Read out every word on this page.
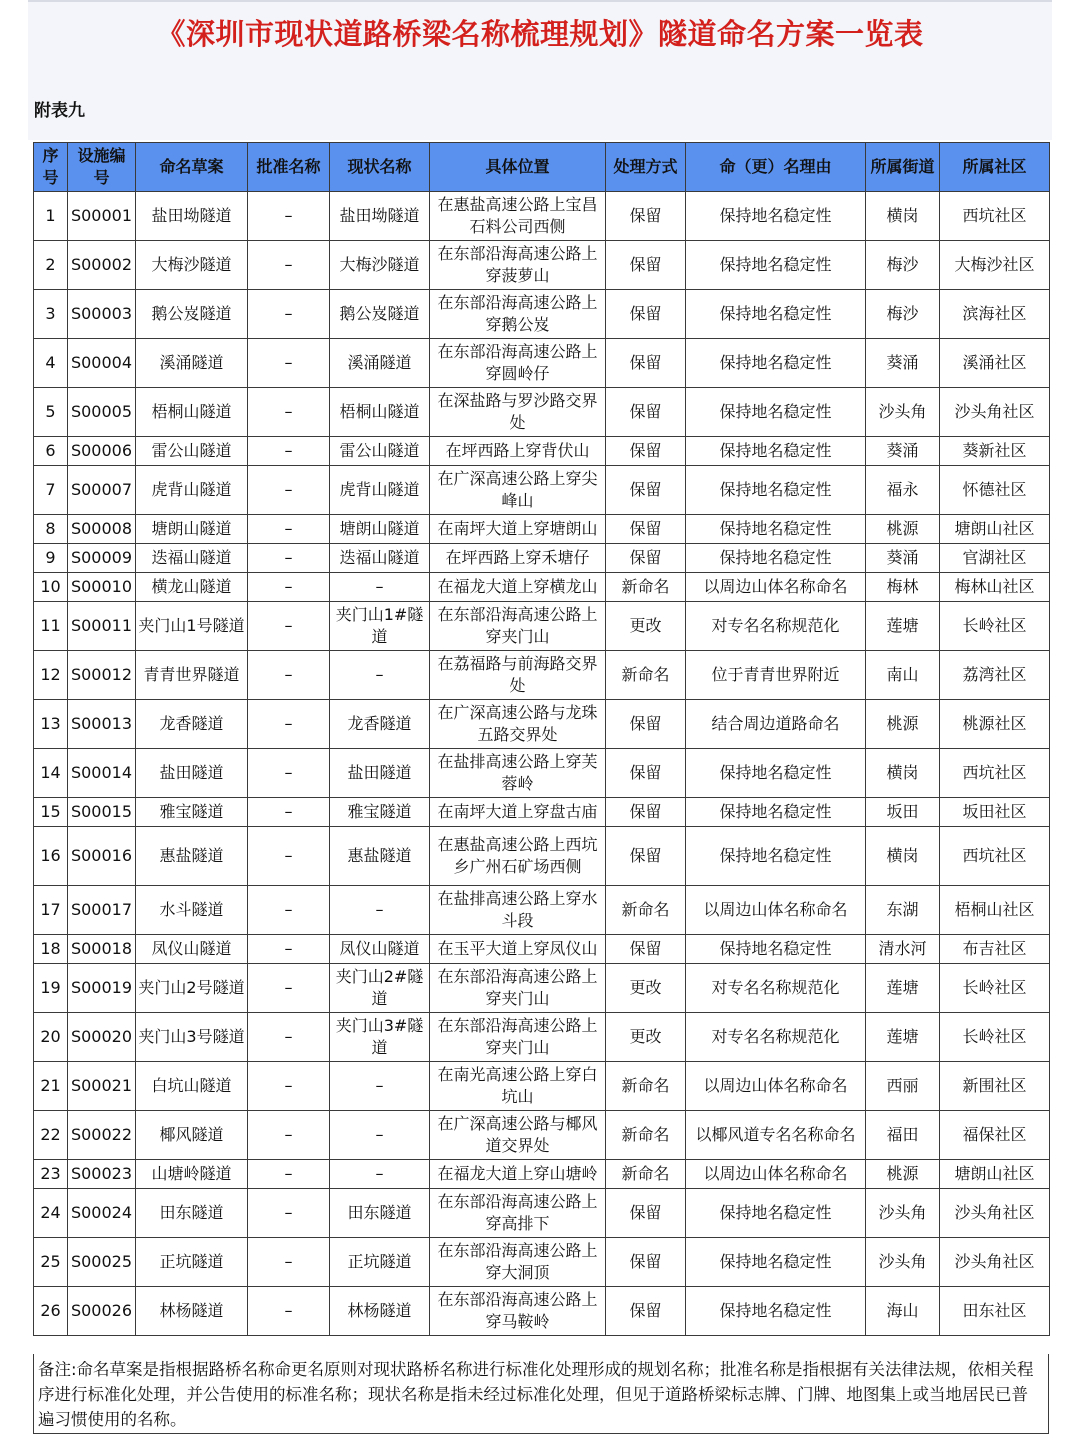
《深圳市现状道路桥梁名称梳理规划》隧道命名方案一览表
附表九
序号	设施编号	命名草案	批准名称	现状名称	具体位置	处理方式	命（更）名理由	所属街道	所属社区
1	S00001	盐田坳隧道	–	盐田坳隧道	在惠盐高速公路上宝昌石料公司西侧	保留	保持地名稳定性	横岗	西坑社区
2	S00002	大梅沙隧道	–	大梅沙隧道	在东部沿海高速公路上穿菠萝山	保留	保持地名稳定性	梅沙	大梅沙社区
3	S00003	鹅公岌隧道	–	鹅公岌隧道	在东部沿海高速公路上穿鹅公岌	保留	保持地名稳定性	梅沙	滨海社区
4	S00004	溪涌隧道	–	溪涌隧道	在东部沿海高速公路上穿圆岭仔	保留	保持地名稳定性	葵涌	溪涌社区
5	S00005	梧桐山隧道	–	梧桐山隧道	在深盐路与罗沙路交界处	保留	保持地名稳定性	沙头角	沙头角社区
6	S00006	雷公山隧道	–	雷公山隧道	在坪西路上穿背伏山	保留	保持地名稳定性	葵涌	葵新社区
7	S00007	虎背山隧道	–	虎背山隧道	在广深高速公路上穿尖峰山	保留	保持地名稳定性	福永	怀德社区
8	S00008	塘朗山隧道	–	塘朗山隧道	在南坪大道上穿塘朗山	保留	保持地名稳定性	桃源	塘朗山社区
9	S00009	迭福山隧道	–	迭福山隧道	在坪西路上穿禾塘仔	保留	保持地名稳定性	葵涌	官湖社区
10	S00010	横龙山隧道	–	–	在福龙大道上穿横龙山	新命名	以周边山体名称命名	梅林	梅林山社区
11	S00011	夹门山1号隧道	–	夹门山1#隧道	在东部沿海高速公路上穿夹门山	更改	对专名名称规范化	莲塘	长岭社区
12	S00012	青青世界隧道	–	–	在荔福路与前海路交界处	新命名	位于青青世界附近	南山	荔湾社区
13	S00013	龙香隧道	–	龙香隧道	在广深高速公路与龙珠五路交界处	保留	结合周边道路命名	桃源	桃源社区
14	S00014	盐田隧道	–	盐田隧道	在盐排高速公路上穿芙蓉岭	保留	保持地名稳定性	横岗	西坑社区
15	S00015	雅宝隧道	–	雅宝隧道	在南坪大道上穿盘古庙	保留	保持地名稳定性	坂田	坂田社区
16	S00016	惠盐隧道	–	惠盐隧道	在惠盐高速公路上西坑乡广州石矿场西侧	保留	保持地名稳定性	横岗	西坑社区
17	S00017	水斗隧道	–	–	在盐排高速公路上穿水斗段	新命名	以周边山体名称命名	东湖	梧桐山社区
18	S00018	凤仪山隧道	–	凤仪山隧道	在玉平大道上穿凤仪山	保留	保持地名稳定性	清水河	布吉社区
19	S00019	夹门山2号隧道	–	夹门山2#隧道	在东部沿海高速公路上穿夹门山	更改	对专名名称规范化	莲塘	长岭社区
20	S00020	夹门山3号隧道	–	夹门山3#隧道	在东部沿海高速公路上穿夹门山	更改	对专名名称规范化	莲塘	长岭社区
21	S00021	白坑山隧道	–	–	在南光高速公路上穿白坑山	新命名	以周边山体名称命名	西丽	新围社区
22	S00022	椰风隧道	–	–	在广深高速公路与椰风道交界处	新命名	以椰风道专名名称命名	福田	福保社区
23	S00023	山塘岭隧道	–	–	在福龙大道上穿山塘岭	新命名	以周边山体名称命名	桃源	塘朗山社区
24	S00024	田东隧道	–	田东隧道	在东部沿海高速公路上穿高排下	保留	保持地名稳定性	沙头角	沙头角社区
25	S00025	正坑隧道	–	正坑隧道	在东部沿海高速公路上穿大洞顶	保留	保持地名稳定性	沙头角	沙头角社区
26	S00026	林杨隧道	–	林杨隧道	在东部沿海高速公路上穿马鞍岭	保留	保持地名稳定性	海山	田东社区
备注:命名草案是指根据路桥名称命更名原则对现状路桥名称进行标准化处理形成的规划名称；批准名称是指根据有关法律法规，依相关程序进行标准化处理，并公告使用的标准名称；现状名称是指未经过标准化处理，但见于道路桥梁标志牌、门牌、地图集上或当地居民已普遍习惯使用的名称。
